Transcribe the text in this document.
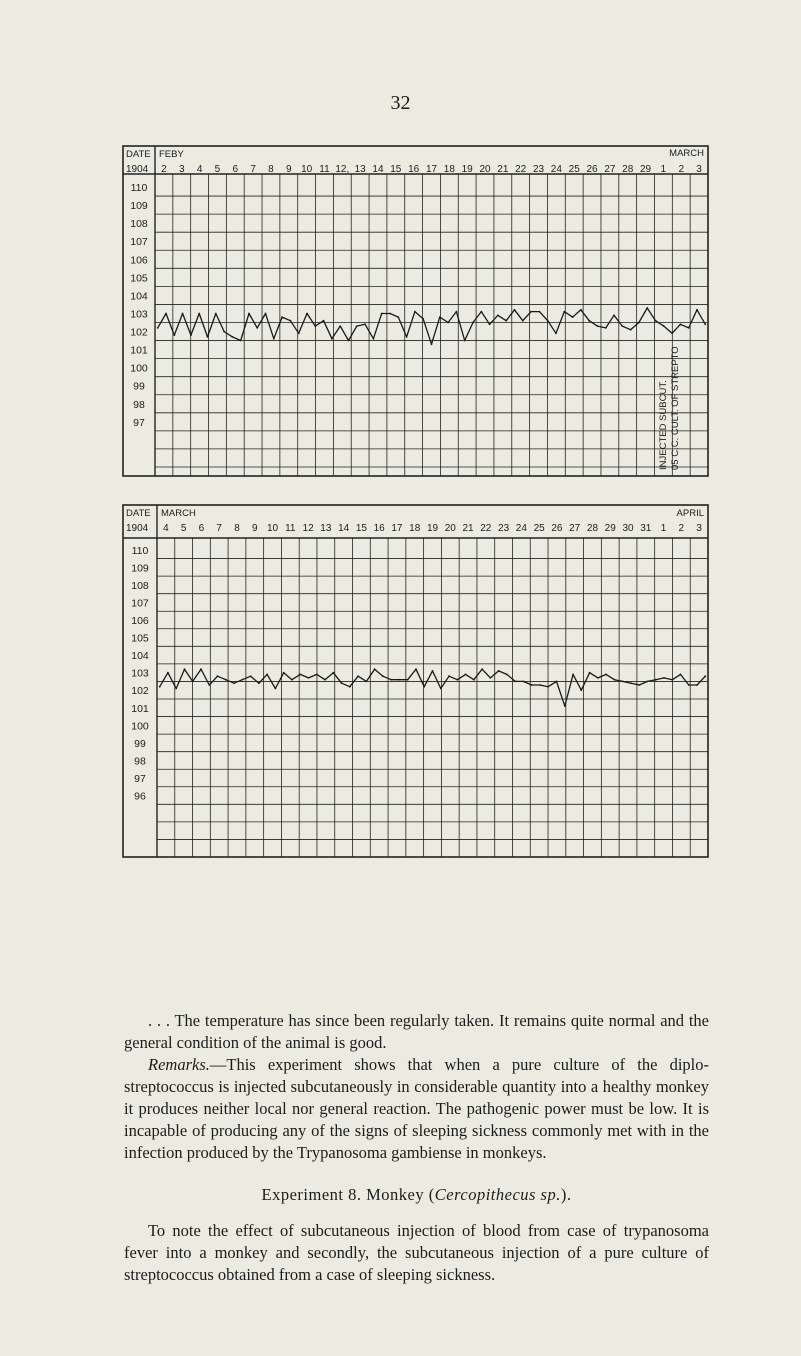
32
DATE
1904
FEBY	MARCH
2 3 4 5 6 7 8 9 10 11 12, 13 14 15 16 17 18 19 20 21 22 23 24 25 26 27 28 29 1 2 3
110
109
108
107
106
105
104
103
102
101
100
99
98
97	INJECTED SUBCUT. 05 C.C. CULT. OF STREPTO
DATE
1904
MARCH	APRIL
4 5 6 7 8 9 10 11 12 13 14 15 16 17 18 19 20 21 22 23 24 25 26 27 28 29 30 31 1 2 3
110
109
108
107
106
105
104
103
102
101
100
99
98
97
96

. . . The temperature has since been regularly taken. It remains quite normal and the general condition of the animal is good.

Remarks.—This experiment shows that when a pure culture of the diplo-streptococcus is injected subcutaneously in considerable quantity into a healthy monkey it produces neither local nor general reaction. The pathogenic power must be low. It is incapable of producing any of the signs of sleeping sickness commonly met with in the infection produced by the Trypanosoma gambiense in monkeys.

Experiment 8. Monkey (Cercopithecus sp.).

To note the effect of subcutaneous injection of blood from case of trypanosoma fever into a monkey and secondly, the subcutaneous injection of a pure culture of streptococcus obtained from a case of sleeping sickness.
